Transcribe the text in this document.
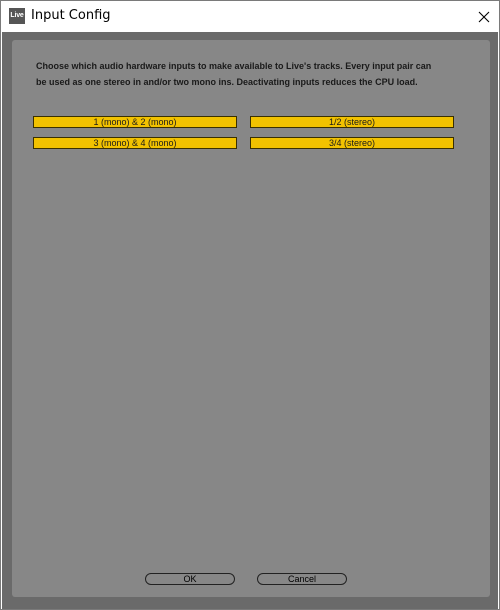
Live Input Config

Choose which audio hardware inputs to make available to Live's tracks. Every input pair can
be used as one stereo in and/or two mono ins. Deactivating inputs reduces the CPU load.

1 (mono) & 2 (mono)	1/2 (stereo)
3 (mono) & 4 (mono)	3/4 (stereo)
OK	Cancel
